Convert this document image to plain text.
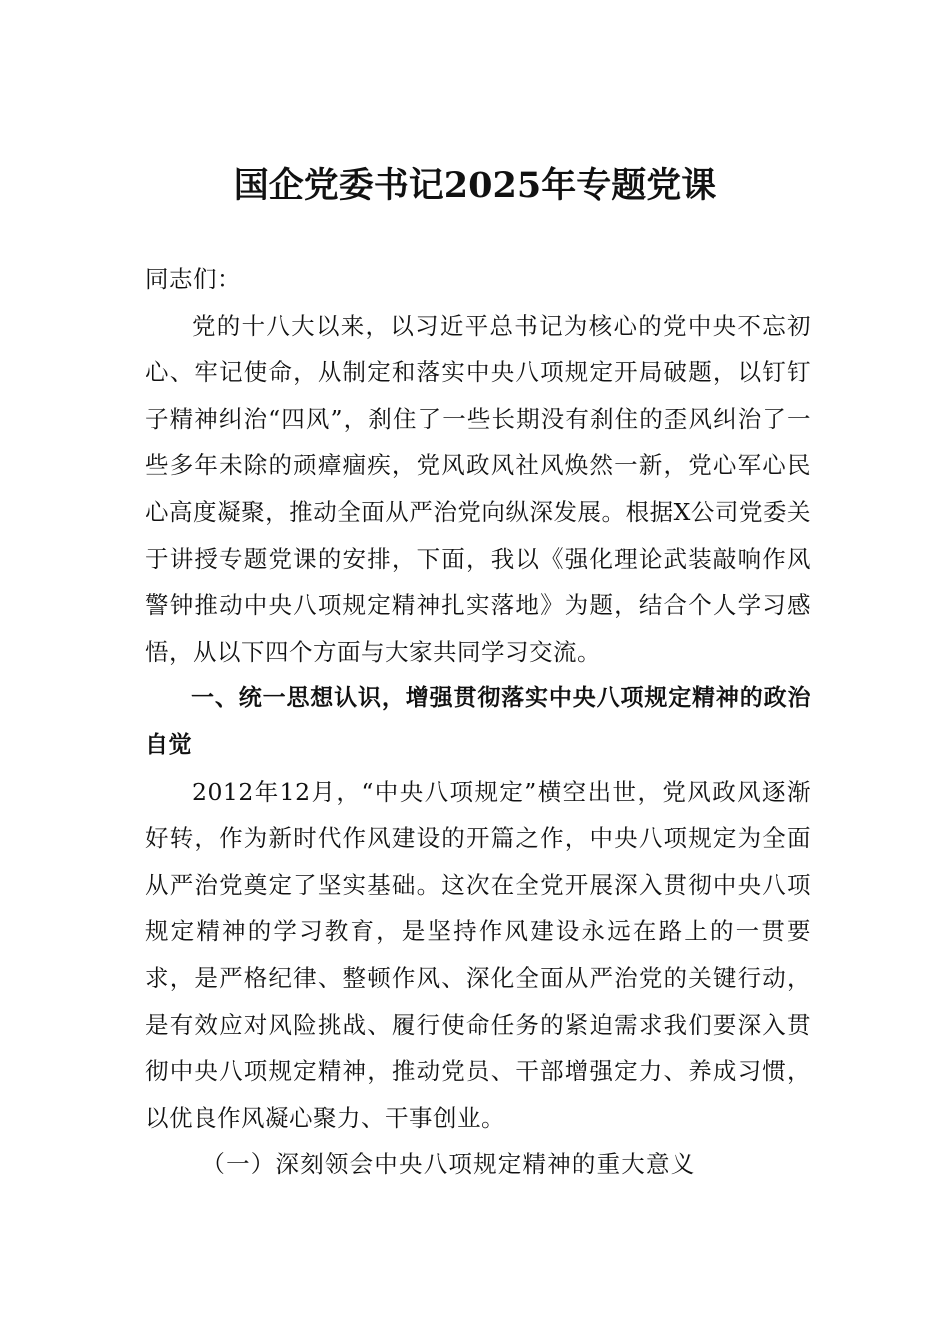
国企党委书记2025年专题党课

同志们：

党的十八大以来，以习近平总书记为核心的党中央不忘初心、牢记使命，从制定和落实中央八项规定开局破题，以钉钉子精神纠治“四风”，刹住了一些长期没有刹住的歪风纠治了一些多年未除的顽瘴痼疾，党风政风社风焕然一新，党心军心民心高度凝聚，推动全面从严治党向纵深发展。根据X公司党委关于讲授专题党课的安排，下面，我以《强化理论武装敲响作风警钟推动中央八项规定精神扎实落地》为题，结合个人学习感悟，从以下四个方面与大家共同学习交流。

一、统一思想认识，增强贯彻落实中央八项规定精神的政治自觉

2012年12月，“中央八项规定”横空出世，党风政风逐渐好转，作为新时代作风建设的开篇之作，中央八项规定为全面从严治党奠定了坚实基础。这次在全党开展深入贯彻中央八项规定精神的学习教育，是坚持作风建设永远在路上的一贯要求，是严格纪律、整顿作风、深化全面从严治党的关键行动，是有效应对风险挑战、履行使命任务的紧迫需求我们要深入贯彻中央八项规定精神，推动党员、干部增强定力、养成习惯，以优良作风凝心聚力、干事创业。

（一）深刻领会中央八项规定精神的重大意义
